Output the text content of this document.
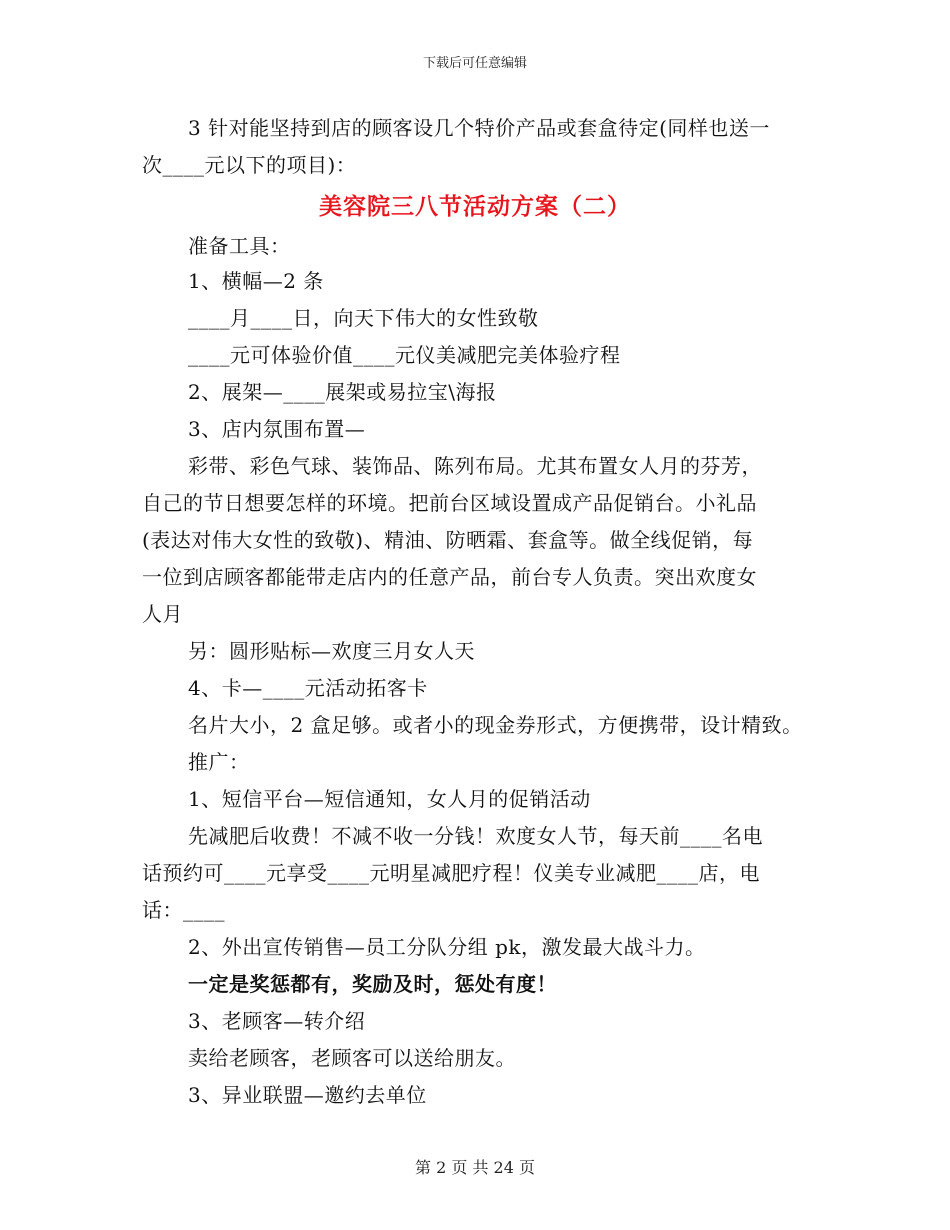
下载后可任意编辑
3 针对能坚持到店的顾客设几个特价产品或套盒待定(同样也送一
次____元以下的项目)：
美容院三八节活动方案（二）
准备工具：
1、横幅—2 条
____月____日，向天下伟大的女性致敬
____元可体验价值____元仪美减肥完美体验疗程
2、展架—____展架或易拉宝\海报
3、店内氛围布置—
彩带、彩色气球、装饰品、陈列布局。尤其布置女人月的芬芳，
自己的节日想要怎样的环境。把前台区域设置成产品促销台。小礼品
(表达对伟大女性的致敬)、精油、防晒霜、套盒等。做全线促销，每
一位到店顾客都能带走店内的任意产品，前台专人负责。突出欢度女
人月
另：圆形贴标—欢度三月女人天
4、卡—____元活动拓客卡
名片大小，2 盒足够。或者小的现金券形式，方便携带，设计精致。
推广：
1、短信平台—短信通知，女人月的促销活动
先减肥后收费！不减不收一分钱！欢度女人节，每天前____名电
话预约可____元享受____元明星减肥疗程！仪美专业减肥____店，电
话：____
2、外出宣传销售—员工分队分组 pk，激发最大战斗力。
一定是奖惩都有，奖励及时，惩处有度！
3、老顾客—转介绍
卖给老顾客，老顾客可以送给朋友。
3、异业联盟—邀约去单位
第 2 页 共 24 页
